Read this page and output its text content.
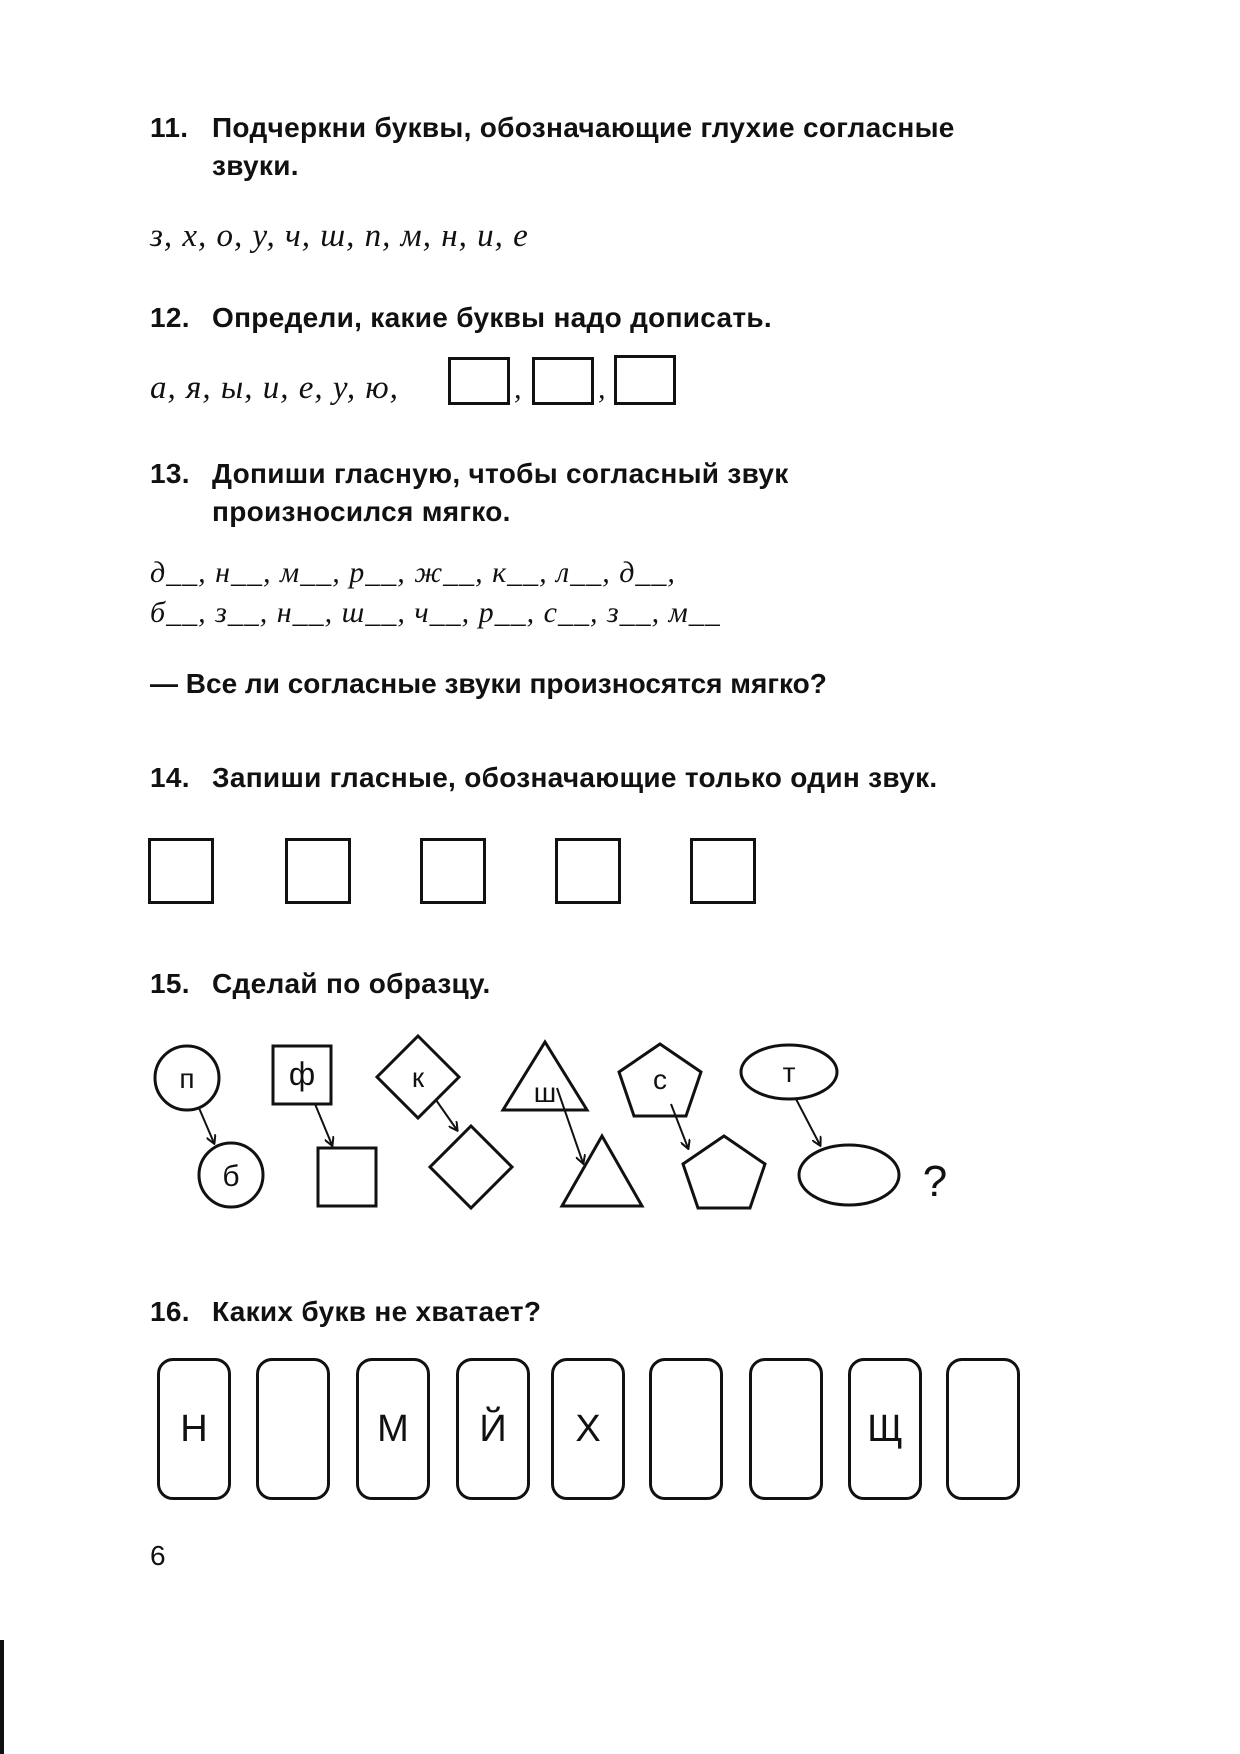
11. Подчеркни буквы, обозначающие глухие согласные
звуки.
з, х, о, у, ч, ш, п, м, н, и, е
12. Определи, какие буквы надо дописать.
а, я, ы, и, е, у, ю,	,	,
13. Допиши гласную, чтобы согласный звук
произносился мягко.
д__, н__, м__, р__, ж__, к__, л__, д__,
б__, з__, н__, ш__, ч__, р__, с__, з__, м__
— Все ли согласные звуки произносятся мягко?
14. Запиши гласные, обозначающие только один звук.
15. Сделай по образцу.
п	ф	к	ш	с	т
б	?
16. Каких букв не хватает?
Н	М	Й	Х	Щ
6
